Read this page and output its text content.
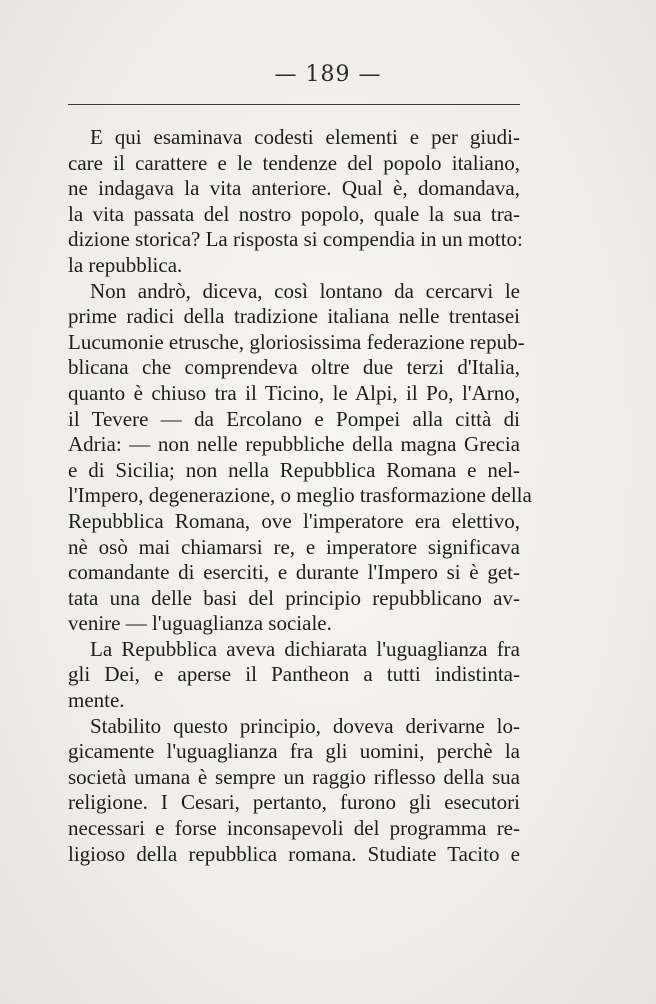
— 189 —
E qui esaminava codesti elementi e per giudi-
care il carattere e le tendenze del popolo italiano,
ne indagava la vita anteriore. Qual è, domandava,
la vita passata del nostro popolo, quale la sua tra-
dizione storica? La risposta si compendia in un motto:
la repubblica.
Non andrò, diceva, così lontano da cercarvi le
prime radici della tradizione italiana nelle trentasei
Lucumonie etrusche, gloriosissima federazione repub-
blicana che comprendeva oltre due terzi d'Italia,
quanto è chiuso tra il Ticino, le Alpi, il Po, l'Arno,
il Tevere — da Ercolano e Pompei alla città di
Adria: — non nelle repubbliche della magna Grecia
e di Sicilia; non nella Repubblica Romana e nel-
l'Impero, degenerazione, o meglio trasformazione della
Repubblica Romana, ove l'imperatore era elettivo,
nè osò mai chiamarsi re, e imperatore significava
comandante di eserciti, e durante l'Impero si è get-
tata una delle basi del principio repubblicano av-
venire — l'uguaglianza sociale.
La Repubblica aveva dichiarata l'uguaglianza fra
gli Dei, e aperse il Pantheon a tutti indistinta-
mente.
Stabilito questo principio, doveva derivarne lo-
gicamente l'uguaglianza fra gli uomini, perchè la
società umana è sempre un raggio riflesso della sua
religione. I Cesari, pertanto, furono gli esecutori
necessari e forse inconsapevoli del programma re-
ligioso della repubblica romana. Studiate Tacito e
